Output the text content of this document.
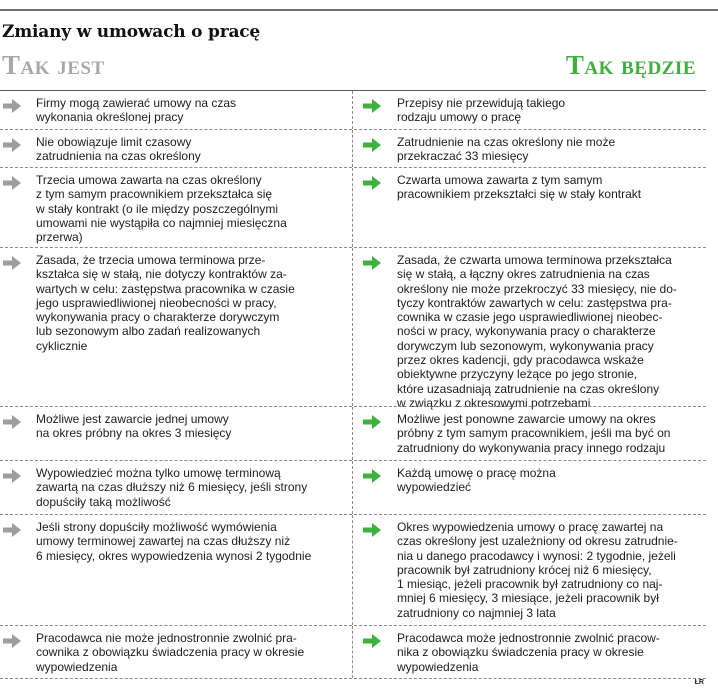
Zmiany w umowach o pracę
Tak jest	Tak będzie

Firmy mogą zawierać umowy na czas
wykonania określonej pracy

Przepisy nie przewidują takiego
rodzaju umowy o pracę

Nie obowiązuje limit czasowy
zatrudnienia na czas określony

Zatrudnienie na czas określony nie może
przekraczać 33 miesięcy

Trzecia umowa zawarta na czas określony
z tym samym pracownikiem przekształca się
w stały kontrakt (o ile między poszczególnymi
umowami nie wystąpiła co najmniej miesięczna
przerwa)

Czwarta umowa zawarta z tym samym
pracownikiem przekształci się w stały kontrakt

Zasada, że trzecia umowa terminowa prze-
kształca się w stałą, nie dotyczy kontraktów za-
wartych w celu: zastępstwa pracownika w czasie
jego usprawiedliwionej nieobecności w pracy,
wykonywania pracy o charakterze dorywczym
lub sezonowym albo zadań realizowanych
cyklicznie

Zasada, że czwarta umowa terminowa przekształca
się w stałą, a łączny okres zatrudnienia na czas
określony nie może przekroczyć 33 miesięcy, nie do-
tyczy kontraktów zawartych w celu: zastępstwa pra-
cownika w czasie jego usprawiedliwionej nieobec-
ności w pracy, wykonywania pracy o charakterze
dorywczym lub sezonowym, wykonywania pracy
przez okres kadencji, gdy pracodawca wskaże
obiektywne przyczyny leżące po jego stronie,
które uzasadniają zatrudnienie na czas określony
w związku z okresowymi potrzebami

Możliwe jest zawarcie jednej umowy
na okres próbny na okres 3 miesięcy

Możliwe jest ponowne zawarcie umowy na okres
próbny z tym samym pracownikiem, jeśli ma być on
zatrudniony do wykonywania pracy innego rodzaju

Wypowiedzieć można tylko umowę terminową
zawartą na czas dłuższy niż 6 miesięcy, jeśli strony
dopuściły taką możliwość

Każdą umowę o pracę można
wypowiedzieć

Jeśli strony dopuściły możliwość wymówienia
umowy terminowej zawartej na czas dłuższy niż
6 miesięcy, okres wypowiedzenia wynosi 2 tygodnie

Okres wypowiedzenia umowy o pracę zawartej na
czas określony jest uzależniony od okresu zatrudnie-
nia u danego pracodawcy i wynosi: 2 tygodnie, jeżeli
pracownik był zatrudniony krócej niż 6 miesięcy,
1 miesiąc, jeżeli pracownik był zatrudniony co naj-
mniej 6 miesięcy, 3 miesiące, jeżeli pracownik był
zatrudniony co najmniej 3 lata

Pracodawca nie może jednostronnie zwolnić pra-
cownika z obowiązku świadczenia pracy w okresie
wypowiedzenia

Pracodawca może jednostronnie zwolnić pracow-
nika z obowiązku świadczenia pracy w okresie
wypowiedzenia

ŁR
